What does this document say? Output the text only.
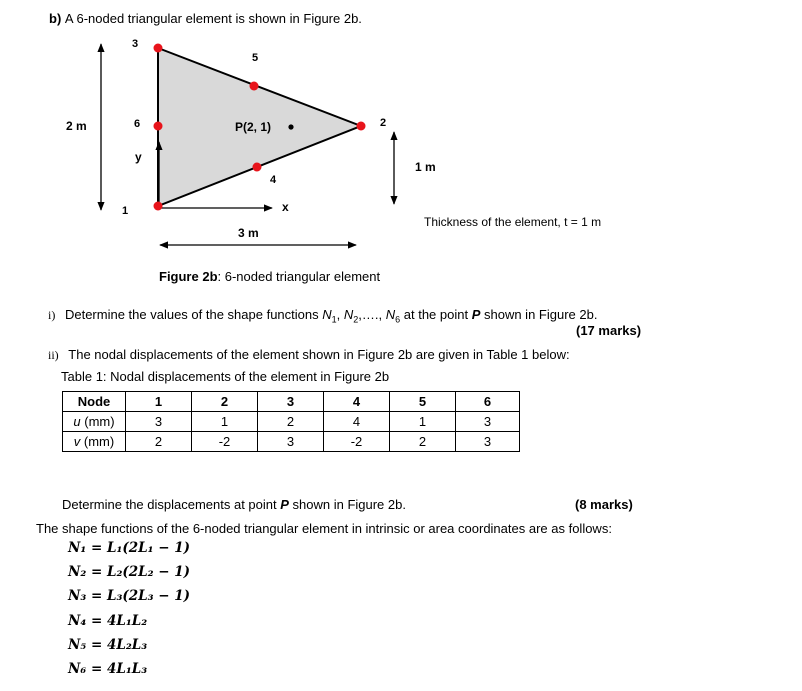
b) A 6-noded triangular element is shown in Figure 2b.
3
5
6	2
4
1
P(2, 1)
2 m
1 m
3 m
y
x
Thickness of the element, t = 1 m
Figure 2b: 6-noded triangular element
i) Determine the values of the shape functions $N_1$, $N_2,\dots$., $N_6$ at the point P shown in Figure 2b.
(17 marks)
ii) The nodal displacements of the element shown in Figure 2b are given in Table 1 below:
Table 1: Nodal displacements of the element in Figure 2b
Node	1	2	3	4	5	6
u (mm)	3	1	2	4	1	3
v (mm)	2	-2	3	-2	2	3
Determine the displacements at point P shown in Figure 2b.	(8 marks)
The shape functions of the 6-noded triangular element in intrinsic or area coordinates are as follows:
N₁ = L₁(2L₁ − 1)
N₂ = L₂(2L₂ − 1)
N₃ = L₃(2L₃ − 1)
N₄ = 4L₁L₂
N₅ = 4L₂L₃
N₆ = 4L₁L₃
